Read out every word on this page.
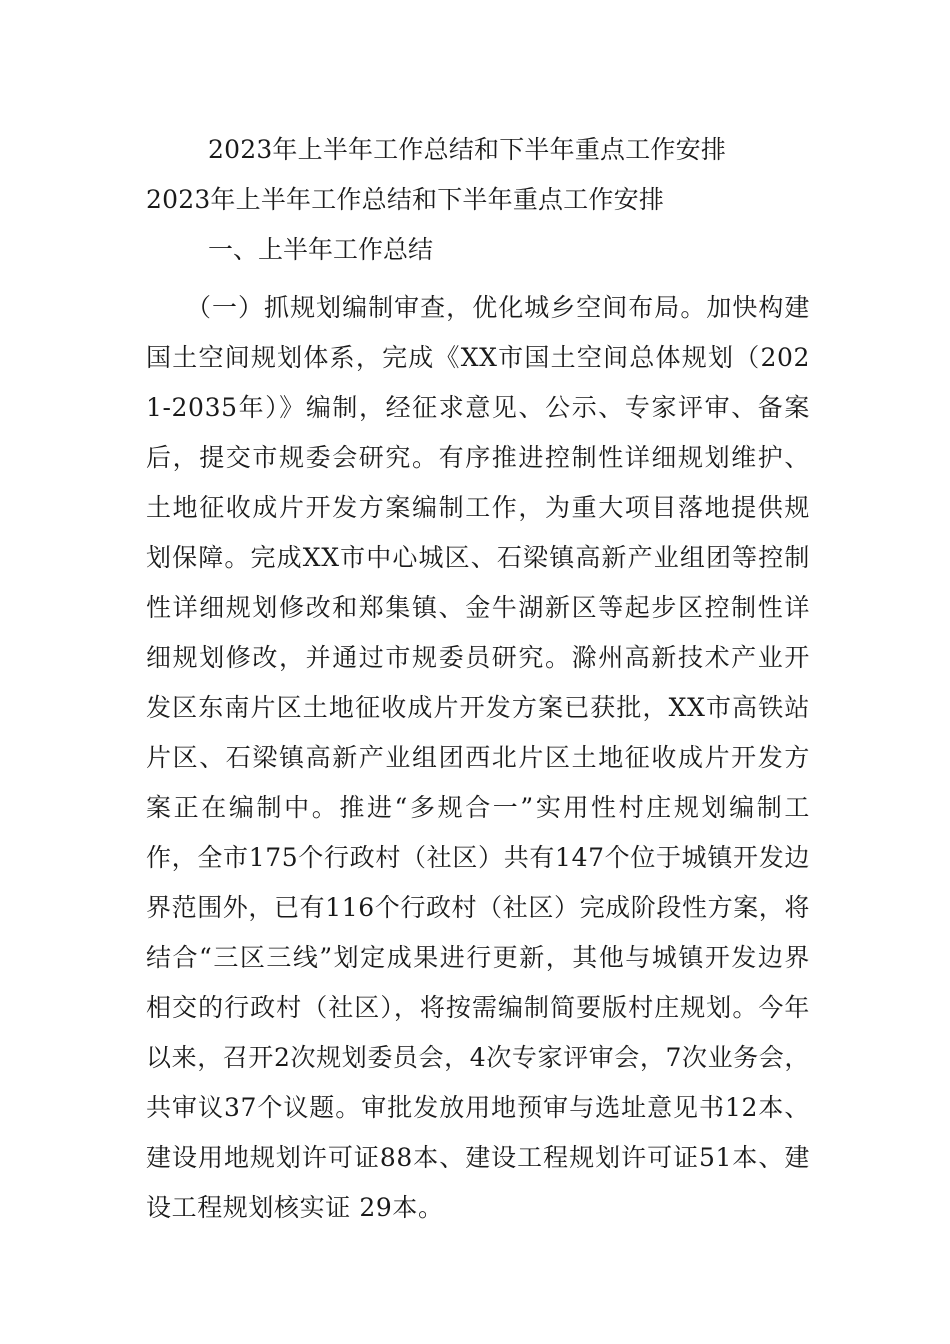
2023年上半年工作总结和下半年重点工作安排
2023年上半年工作总结和下半年重点工作安排
一、上半年工作总结

（一）抓规划编制审查，优化城乡空间布局。加快构建国土空间规划体系，完成《XX市国土空间总体规划（2021-2035年）》编制，经征求意见、公示、专家评审、备案后，提交市规委会研究。有序推进控制性详细规划维护、土地征收成片开发方案编制工作，为重大项目落地提供规划保障。完成XX市中心城区、石梁镇高新产业组团等控制性详细规划修改和郑集镇、金牛湖新区等起步区控制性详细规划修改，并通过市规委员研究。滁州高新技术产业开发区东南片区土地征收成片开发方案已获批，XX市高铁站片区、石梁镇高新产业组团西北片区土地征收成片开发方案正在编制中。推进“多规合一”实用性村庄规划编制工作，全市175个行政村（社区）共有147个位于城镇开发边界范围外，已有116个行政村（社区）完成阶段性方案，将结合“三区三线”划定成果进行更新，其他与城镇开发边界相交的行政村（社区），将按需编制简要版村庄规划。今年以来，召开2次规划委员会，4次专家评审会，7次业务会，共审议37个议题。审批发放用地预审与选址意见书12本、建设用地规划许可证88本、建设工程规划许可证51本、建设工程规划核实证 29本。
